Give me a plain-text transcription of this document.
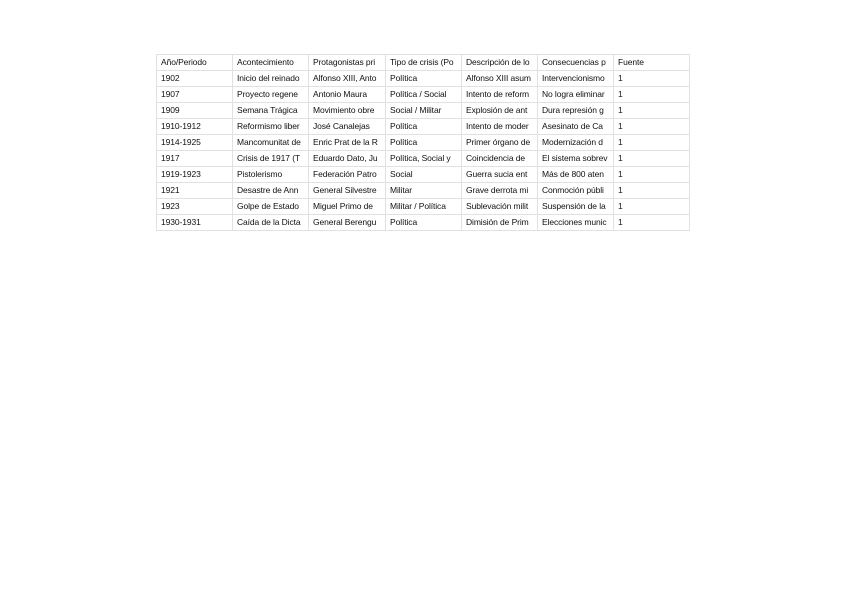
Año/Periodo	Acontecimiento	Protagonistas pri	Tipo de crisis (Po	Descripción de lo	Consecuencias p	Fuente
1902	Inicio del reinado	Alfonso XIII, Anto	Política	Alfonso XIII asum	Intervencionismo	1
1907	Proyecto regene	Antonio Maura	Política / Social	Intento de reform	No logra eliminar	1
1909	Semana Trágica	Movimiento obre	Social / Militar	Explosión de ant	Dura represión g	1
1910-1912	Reformismo liber	José Canalejas	Política	Intento de moder	Asesinato de Ca	1
1914-1925	Mancomunitat de	Enric Prat de la R	Política	Primer órgano de	Modernización d	1
1917	Crisis de 1917 (T	Eduardo Dato, Ju	Política, Social y	Coincidencia de	El sistema sobrev	1
1919-1923	Pistolerismo	Federación Patro	Social	Guerra sucia ent	Más de 800 aten	1
1921	Desastre de Ann	General Silvestre	Militar	Grave derrota mi	Conmoción públi	1
1923	Golpe de Estado	Miguel Primo de	Militar / Política	Sublevación milit	Suspensión de la	1
1930-1931	Caída de la Dicta	General Berengu	Política	Dimisión de Prim	Elecciones munic	1
